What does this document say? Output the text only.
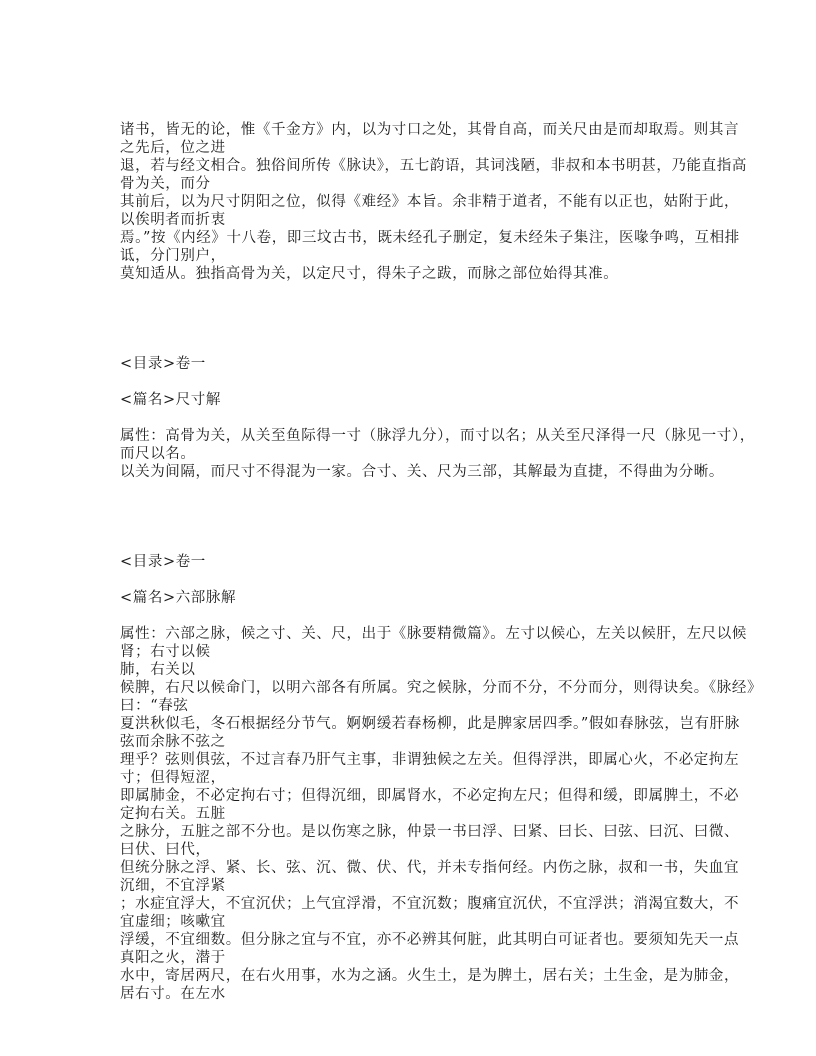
诸书，皆无的论，惟《千金方》内，以为寸口之处，其骨自高，而关尺由是而却取焉。则其言
之先后，位之进
退，若与经文相合。独俗间所传《脉诀》，五七韵语，其词浅陋，非叔和本书明甚，乃能直指高
骨为关，而分
其前后，以为尺寸阴阳之位，似得《难经》本旨。余非精于道者，不能有以正也，姑附于此，
以俟明者而折衷
焉。”按《内经》十八卷，即三坟古书，既未经孔子删定，复未经朱子集注，医喙争鸣，互相排
诋，分门别户，
莫知适从。独指高骨为关，以定尺寸，得朱子之跋，而脉之部位始得其准。
<目录>卷一
<篇名>尺寸解
属性：高骨为关，从关至鱼际得一寸（脉浮九分），而寸以名；从关至尺泽得一尺（脉见一寸），
而尺以名。
以关为间隔，而尺寸不得混为一家。合寸、关、尺为三部，其解最为直捷，不得曲为分晰。
<目录>卷一
<篇名>六部脉解
属性：六部之脉，候之寸、关、尺，出于《脉要精微篇》。左寸以候心，左关以候肝，左尺以候
肾；右寸以候
肺，右关以
候脾，右尺以候命门，以明六部各有所属。究之候脉，分而不分，不分而分，则得诀矣。《脉经》
曰：“春弦
夏洪秋似毛，冬石根据经分节气。婀婀缓若春杨柳，此是脾家居四季。”假如春脉弦，岂有肝脉
弦而余脉不弦之
理乎？弦则俱弦，不过言春乃肝气主事，非谓独候之左关。但得浮洪，即属心火，不必定拘左
寸；但得短涩，
即属肺金，不必定拘右寸；但得沉细，即属肾水，不必定拘左尺；但得和缓，即属脾土，不必
定拘右关。五脏
之脉分，五脏之部不分也。是以伤寒之脉，仲景一书曰浮、曰紧、曰长、曰弦、曰沉、曰微、
曰伏、曰代，
但统分脉之浮、紧、长、弦、沉、微、伏、代，并未专指何经。内伤之脉，叔和一书，失血宜
沉细，不宜浮紧
；水症宜浮大，不宜沉伏；上气宜浮滑，不宜沉数；腹痛宜沉伏，不宜浮洪；消渴宜数大，不
宜虚细；咳嗽宜
浮缓，不宜细数。但分脉之宜与不宜，亦不必辨其何脏，此其明白可证者也。要须知先天一点
真阳之火，潜于
水中，寄居两尺，在右火用事，水为之涵。火生土，是为脾土，居右关；土生金，是为肺金，
居右寸。在左水
